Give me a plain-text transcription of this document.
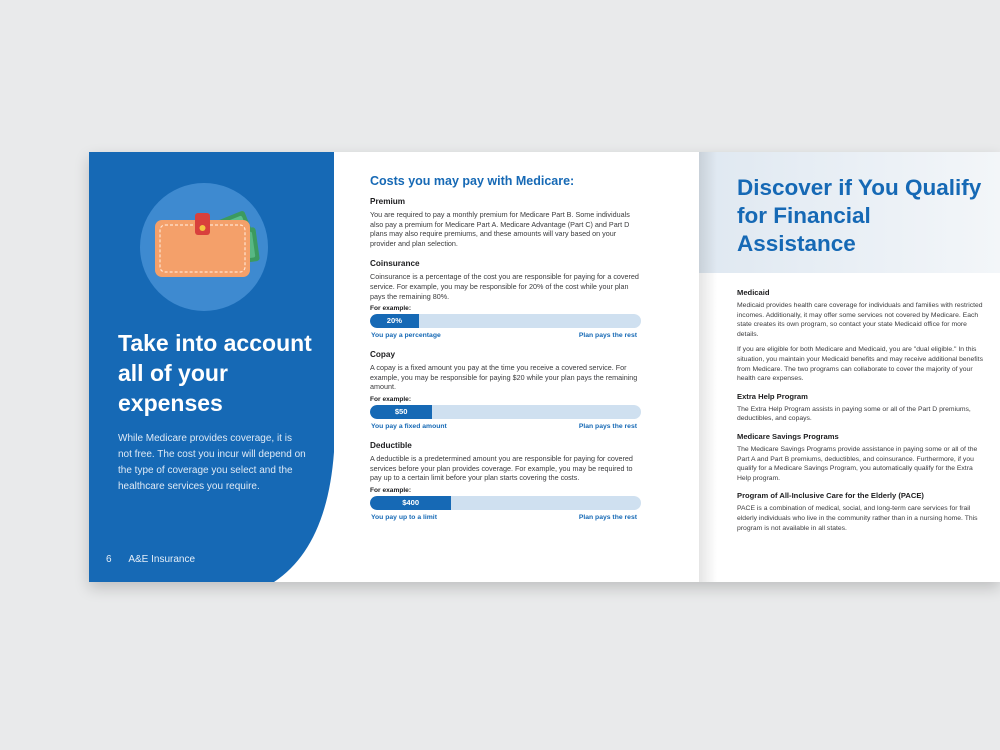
Take into account all of your expenses
While Medicare provides coverage, it is not free. The cost you incur will depend on the type of coverage you select and the healthcare services you require.
6 A&E Insurance
Costs you may pay with Medicare:
Premium
You are required to pay a monthly premium for Medicare Part B. Some individuals also pay a premium for Medicare Part A. Medicare Advantage (Part C) and Part D plans may also require premiums, and these amounts will vary based on your provider and plan selection.
Coinsurance
Coinsurance is a percentage of the cost you are responsible for paying for a covered service. For example, you may be responsible for 20% of the cost while your plan pays the remaining 80%.
For example:
20%
You pay a percentage	Plan pays the rest
Copay
A copay is a fixed amount you pay at the time you receive a covered service. For example, you may be responsible for paying $20 while your plan pays the remaining amount.
For example:
$50
You pay a fixed amount	Plan pays the rest
Deductible
A deductible is a predetermined amount you are responsible for paying for covered services before your plan provides coverage. For example, you may be required to pay up to a certain limit before your plan starts covering the costs.
For example:
$400
You pay up to a limit	Plan pays the rest
Discover if You Qualify for Financial Assistance
Medicaid
Medicaid provides health care coverage for individuals and families with restricted incomes. Additionally, it may offer some services not covered by Medicare. Each state creates its own program, so contact your state Medicaid office for more details.
If you are eligible for both Medicare and Medicaid, you are "dual eligible." In this situation, you maintain your Medicaid benefits and may receive additional benefits from Medicare. The two programs can collaborate to cover the majority of your health care expenses.
Extra Help Program
The Extra Help Program assists in paying some or all of the Part D premiums, deductibles, and copays.
Medicare Savings Programs
The Medicare Savings Programs provide assistance in paying some or all of the Part A and Part B premiums, deductibles, and coinsurance. Furthermore, if you qualify for a Medicare Savings Program, you automatically qualify for the Extra Help program.
Program of All-Inclusive Care for the Elderly (PACE)
PACE is a combination of medical, social, and long-term care services for frail elderly individuals who live in the community rather than in a nursing home. This program is not available in all states.
